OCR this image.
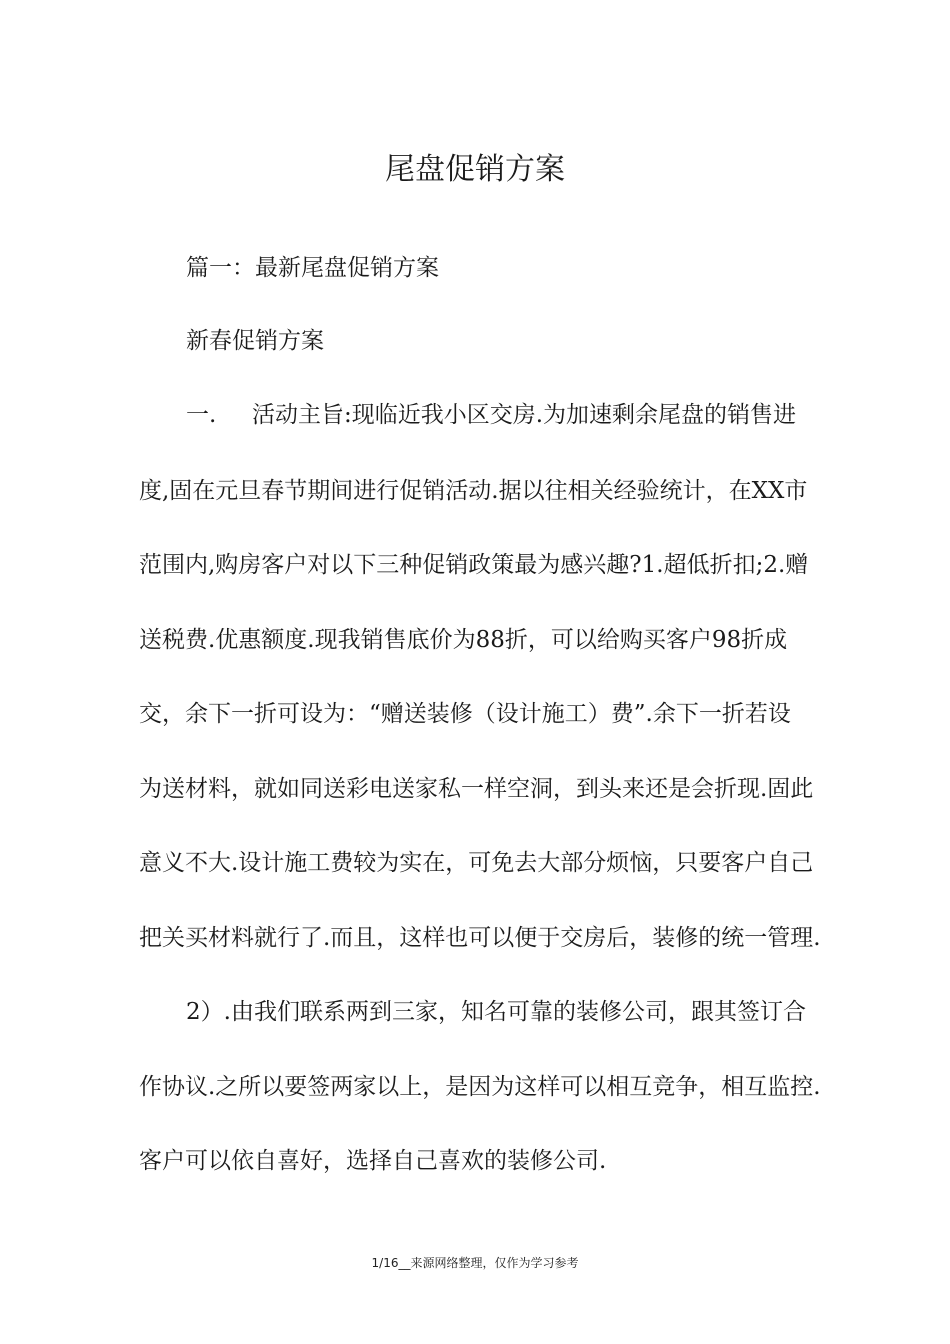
尾盘促销方案
篇一：最新尾盘促销方案
新春促销方案
一. 活动主旨:现临近我小区交房.为加速剩余尾盘的销售进
度,固在元旦春节期间进行促销活动.据以往相关经验统计，在XX市
范围内,购房客户对以下三种促销政策最为感兴趣?1.超低折扣;2.赠
送税费.优惠额度.现我销售底价为88折，可以给购买客户98折成
交，余下一折可设为：“赠送装修（设计施工）费”.余下一折若设
为送材料，就如同送彩电送家私一样空洞，到头来还是会折现.固此
意义不大.设计施工费较为实在，可免去大部分烦恼，只要客户自己
把关买材料就行了.而且，这样也可以便于交房后，装修的统一管理.
2）.由我们联系两到三家，知名可靠的装修公司，跟其签订合
作协议.之所以要签两家以上，是因为这样可以相互竞争，相互监控.
客户可以依自喜好，选择自己喜欢的装修公司.
1/16__来源网络整理，仅作为学习参考
